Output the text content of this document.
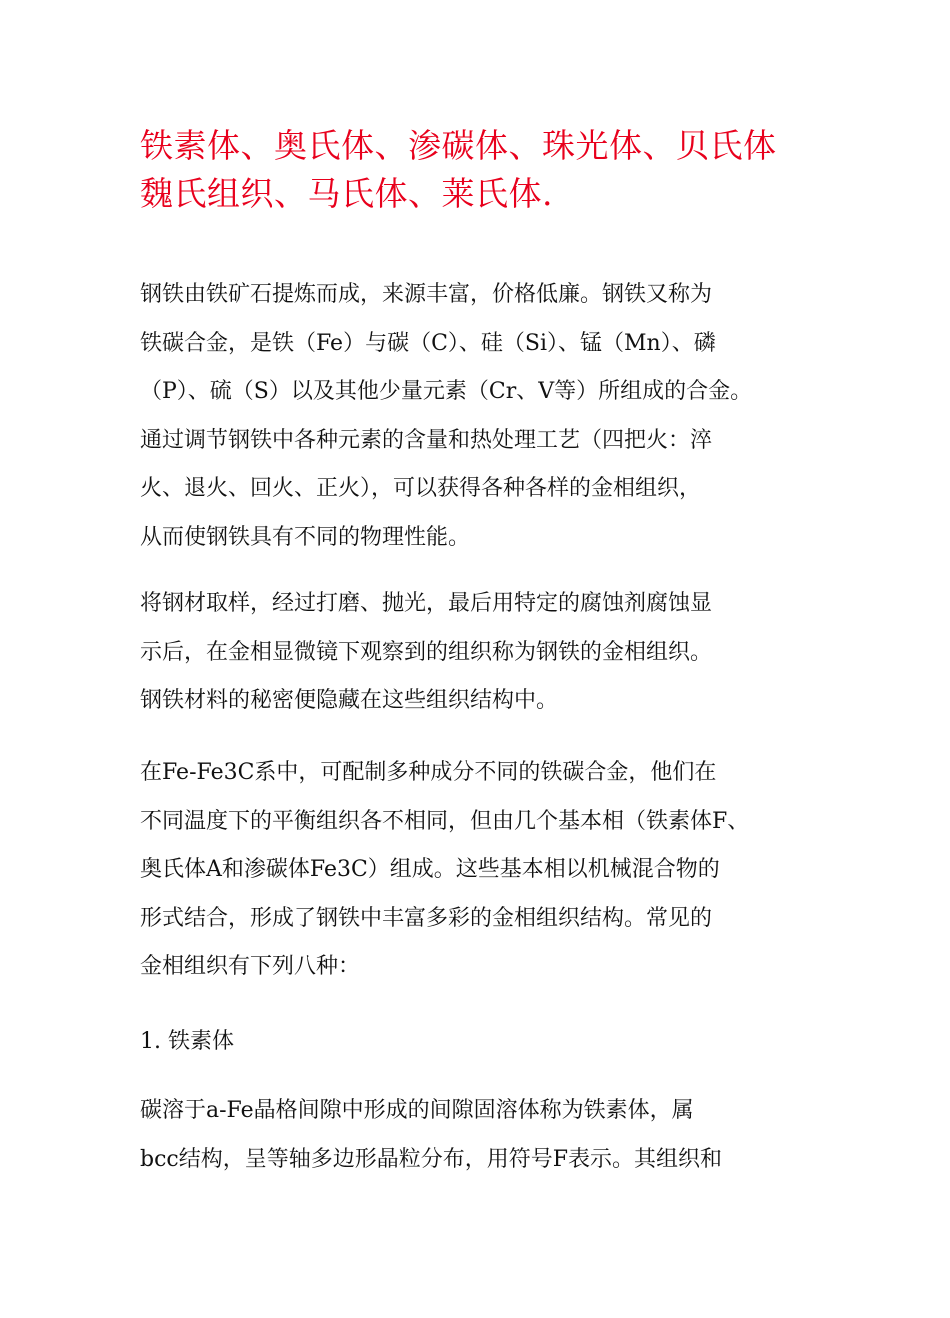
铁素体、奥氏体、渗碳体、珠光体、贝氏体
魏氏组织、马氏体、莱氏体.
钢铁由铁矿石提炼而成，来源丰富，价格低廉。钢铁又称为
铁碳合金，是铁（Fe）与碳（C）、硅（Si）、锰（Mn）、磷
（P）、硫（S）以及其他少量元素（Cr、V等）所组成的合金。
通过调节钢铁中各种元素的含量和热处理工艺（四把火：淬
火、退火、回火、正火），可以获得各种各样的金相组织，
从而使钢铁具有不同的物理性能。
将钢材取样，经过打磨、抛光，最后用特定的腐蚀剂腐蚀显
示后，在金相显微镜下观察到的组织称为钢铁的金相组织。
钢铁材料的秘密便隐藏在这些组织结构中。
在Fe-Fe3C系中，可配制多种成分不同的铁碳合金，他们在
不同温度下的平衡组织各不相同，但由几个基本相（铁素体F、
奥氏体A和渗碳体Fe3C）组成。这些基本相以机械混合物的
形式结合，形成了钢铁中丰富多彩的金相组织结构。常见的
金相组织有下列八种：
1. 铁素体
碳溶于a-Fe晶格间隙中形成的间隙固溶体称为铁素体，属
bcc结构，呈等轴多边形晶粒分布，用符号F表示。其组织和
